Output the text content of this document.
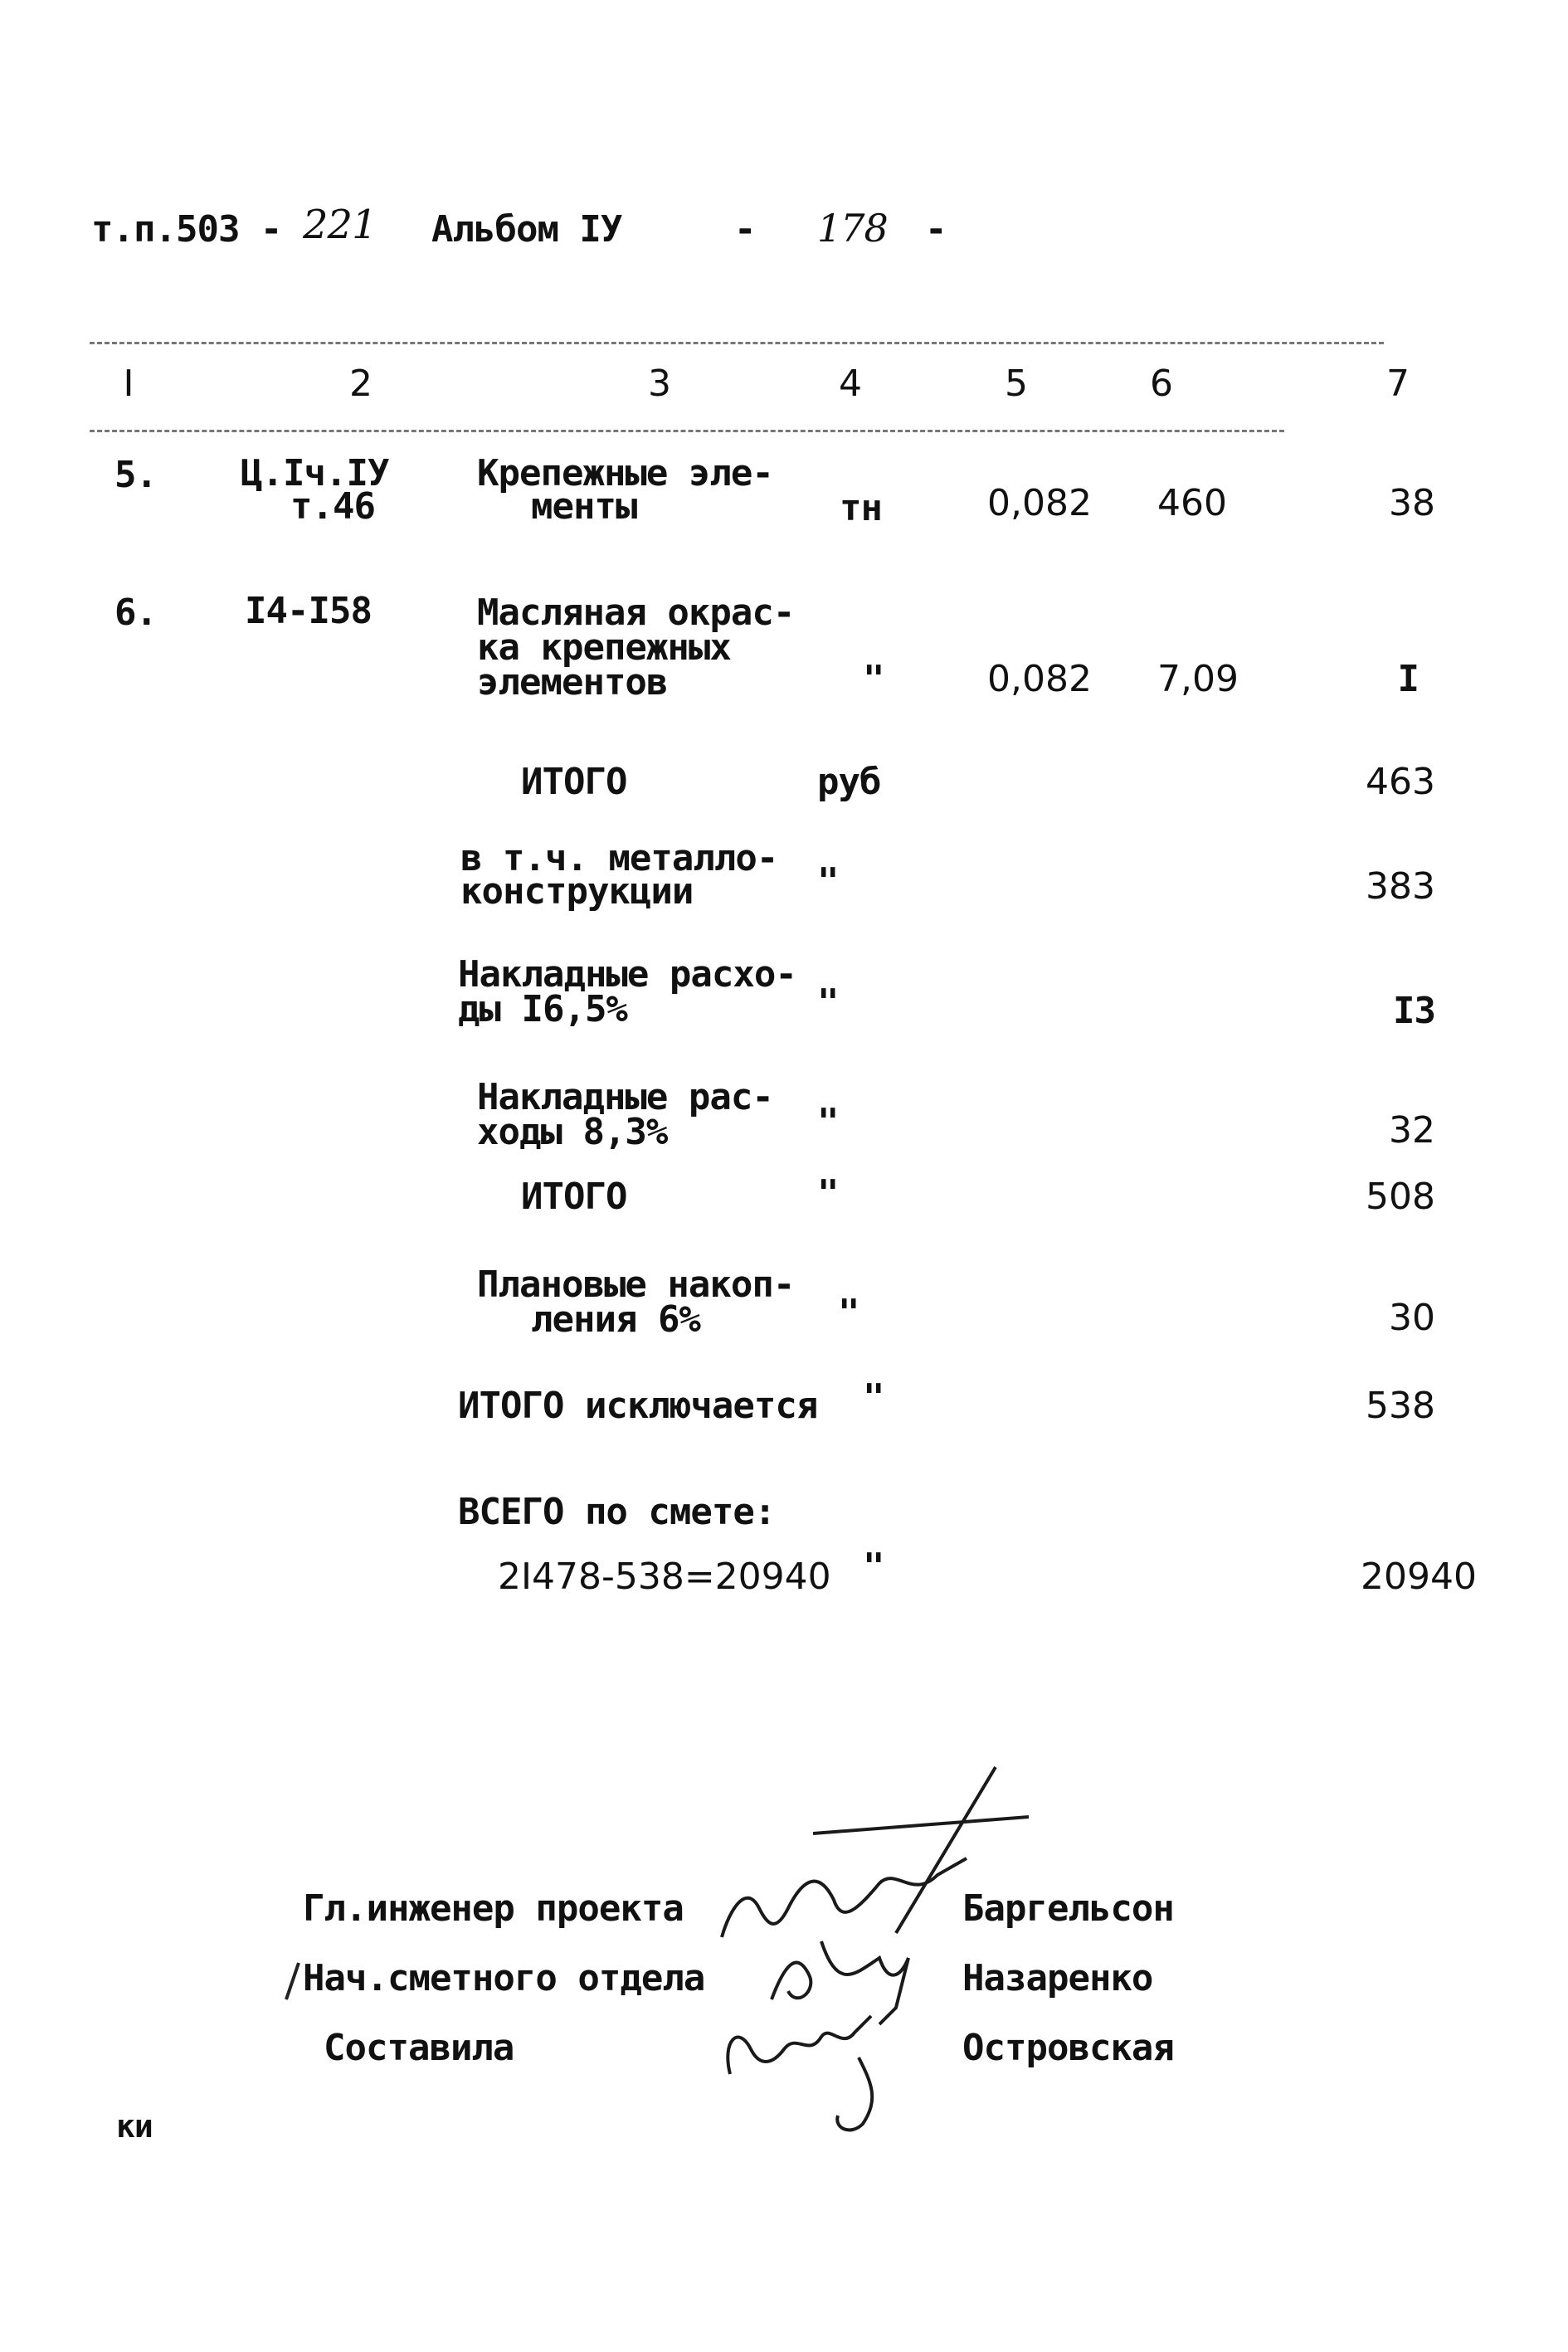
т.п.503 - 221 Альбом IУ	- 178 -
I	2	3	4	5	6	7
5. Ц.Iч.IУ
т.46
Крепежные эле-
менты	тн	0,082 460	38
6. I4-I58	Масляная окрас-
ка крепежных
элементов	"	0,082 7,09	I
ИТОГО	руб	463
в т.ч. металло-
конструкции	"	383
Накладные расхо-
ды I6,5%	"	I3
Накладные рас-
ходы 8,3%	"	32
ИТОГО	"	508
Плановые накоп-
ления 6%	"	30
ИТОГО исключается "	538
ВСЕГО по смете:
2I478-538=20940 "	20940
Гл.инженер проекта
Нач.сметного отдела
Составила
Баргельсон
Назаренко
Островская
ки
